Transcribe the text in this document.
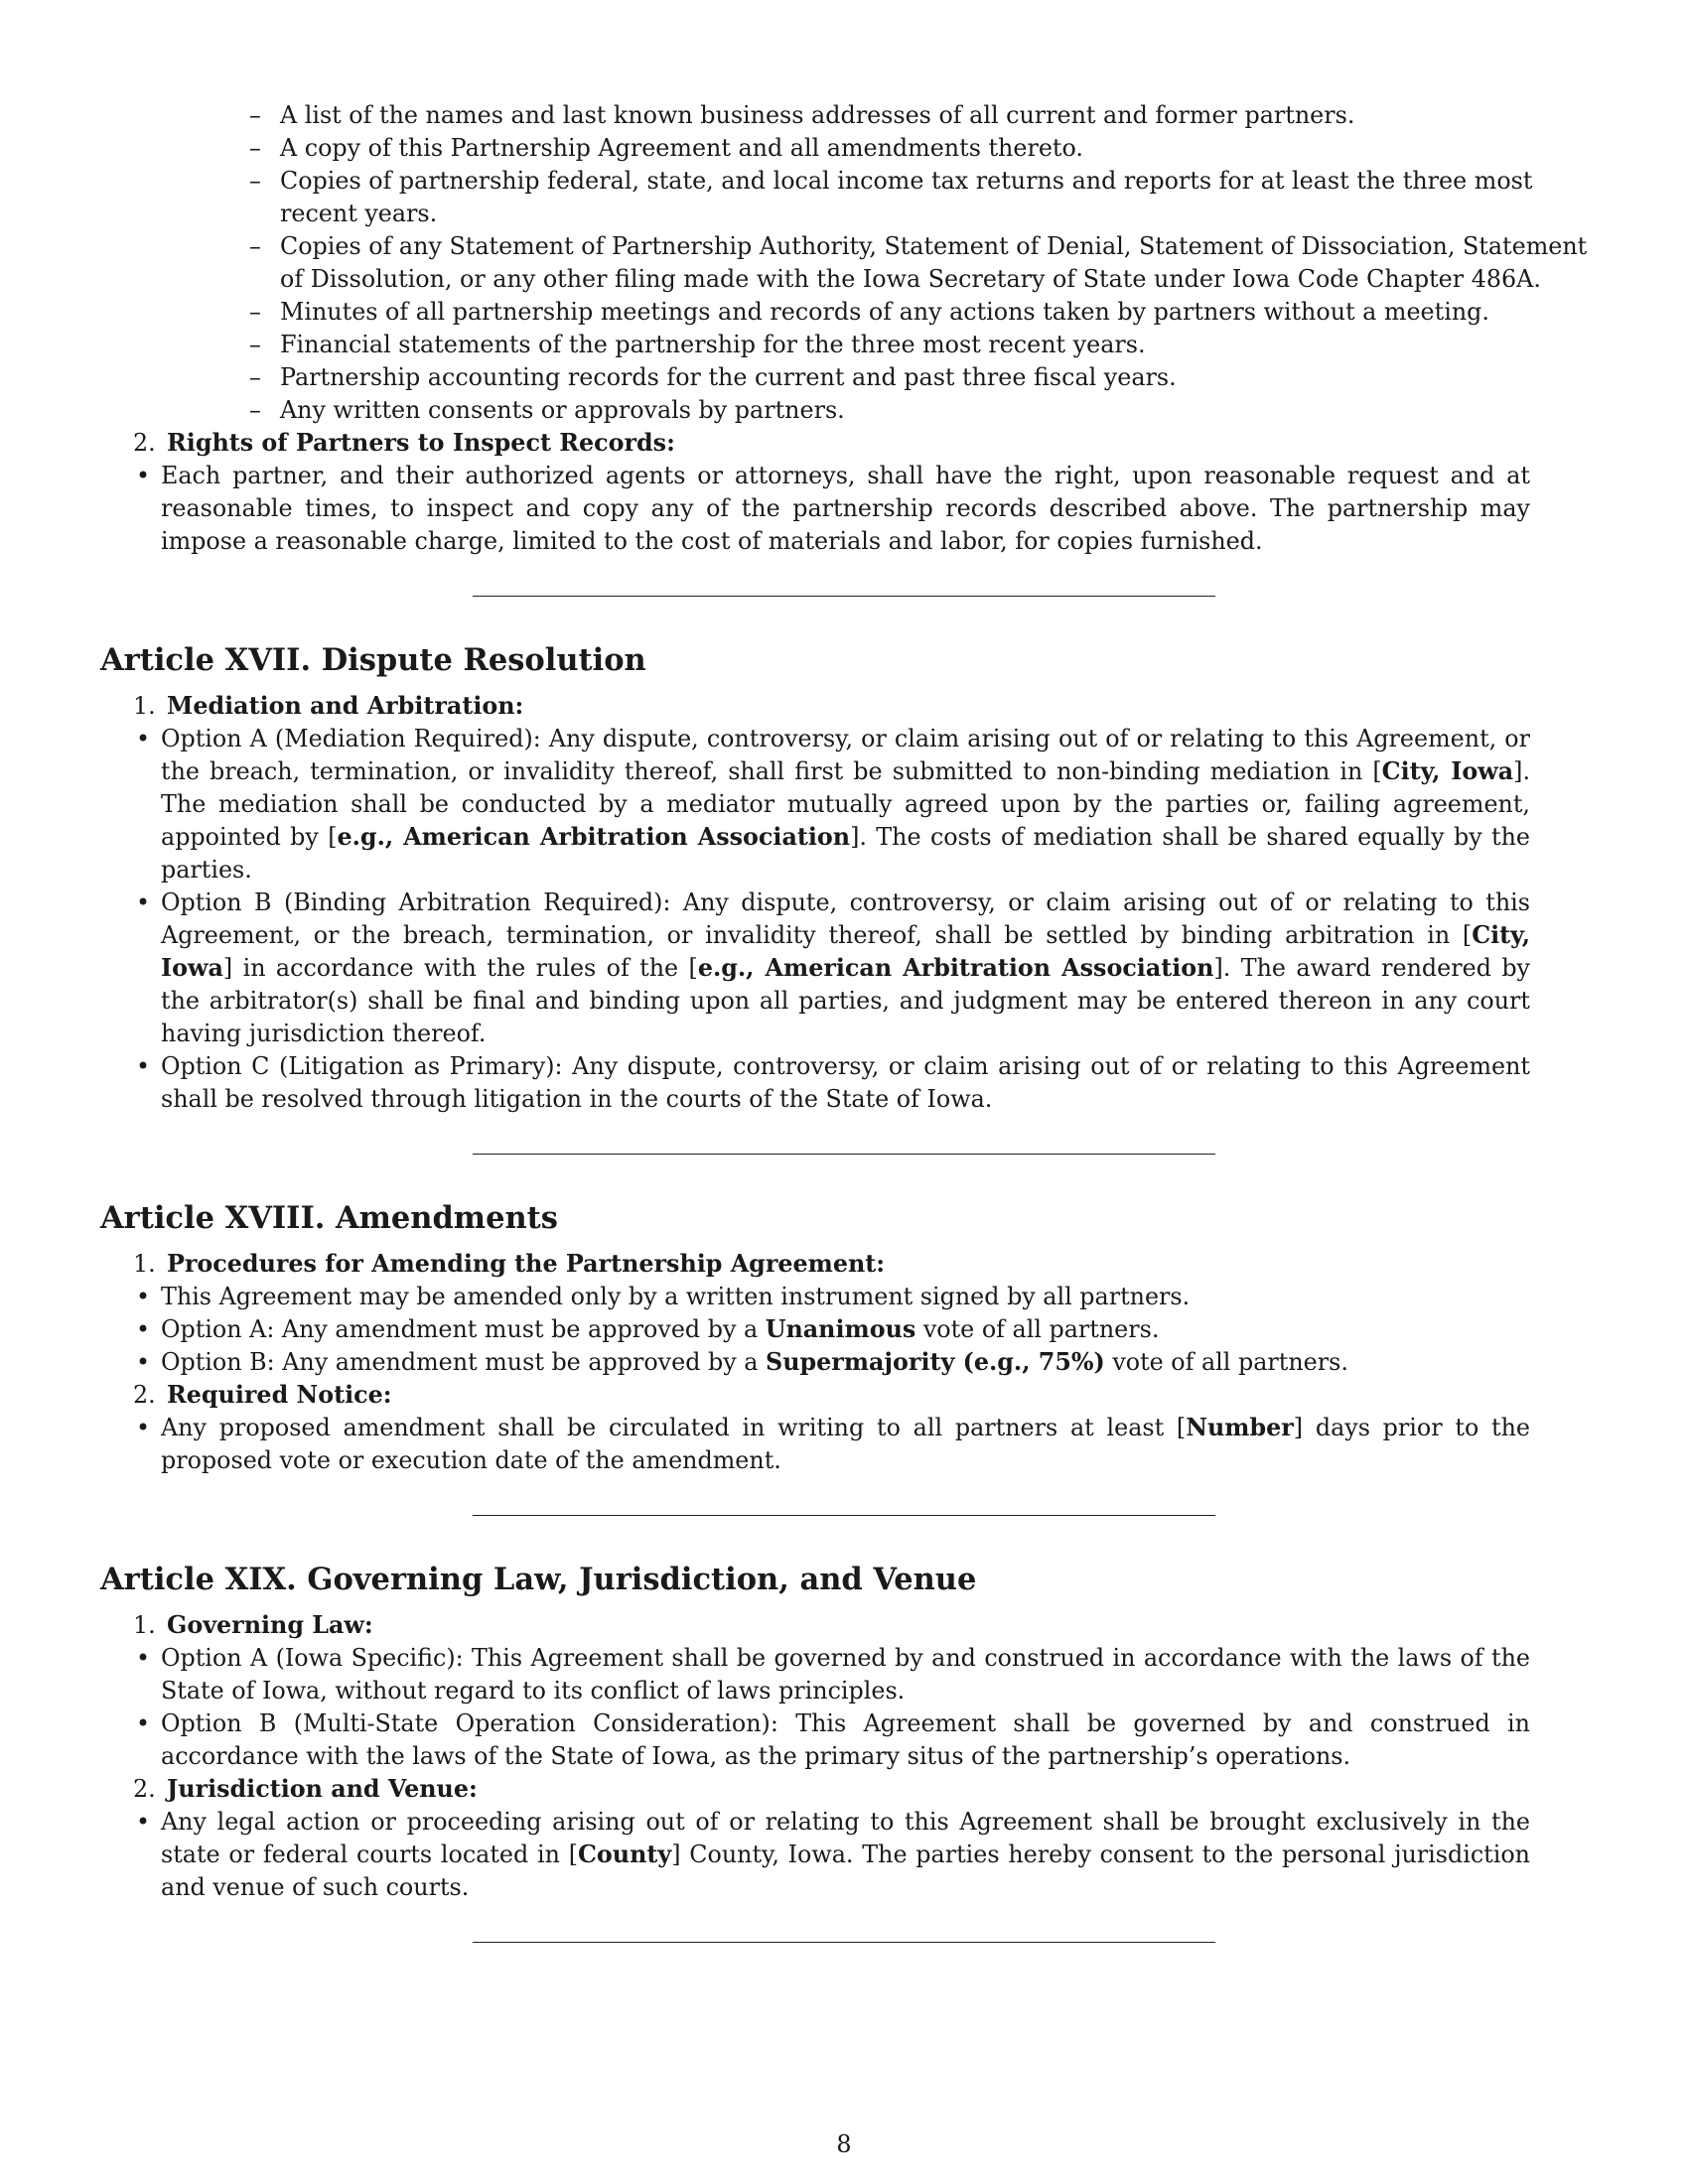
– A list of the names and last known business addresses of all current and former partners.
– A copy of this Partnership Agreement and all amendments thereto.
– Copies of partnership federal, state, and local income tax returns and reports for at least the three most recent years.
– Copies of any Statement of Partnership Authority, Statement of Denial, Statement of Dissociation, Statement of Dissolution, or any other filing made with the Iowa Secretary of State under Iowa Code Chapter 486A.
– Minutes of all partnership meetings and records of any actions taken by partners without a meeting.
– Financial statements of the partnership for the three most recent years.
– Partnership accounting records for the current and past three fiscal years.
– Any written consents or approvals by partners.
2. Rights of Partners to Inspect Records:
• Each partner, and their authorized agents or attorneys, shall have the right, upon reasonable request and at reasonable times, to inspect and copy any of the partnership records described above. The partnership may impose a reasonable charge, limited to the cost of materials and labor, for copies furnished.
Article XVII. Dispute Resolution
1. Mediation and Arbitration:
• Option A (Mediation Required): Any dispute, controversy, or claim arising out of or relating to this Agreement, or the breach, termination, or invalidity thereof, shall first be submitted to non-binding mediation in [City, Iowa]. The mediation shall be conducted by a mediator mutually agreed upon by the parties or, failing agreement, appointed by [e.g., American Arbitration Association]. The costs of mediation shall be shared equally by the parties.
• Option B (Binding Arbitration Required): Any dispute, controversy, or claim arising out of or relating to this Agreement, or the breach, termination, or invalidity thereof, shall be settled by binding arbitration in [City, Iowa] in accordance with the rules of the [e.g., American Arbitration Association]. The award rendered by the arbitrator(s) shall be final and binding upon all parties, and judgment may be entered thereon in any court having jurisdiction thereof.
• Option C (Litigation as Primary): Any dispute, controversy, or claim arising out of or relating to this Agreement shall be resolved through litigation in the courts of the State of Iowa.
Article XVIII. Amendments
1. Procedures for Amending the Partnership Agreement:
• This Agreement may be amended only by a written instrument signed by all partners.
• Option A: Any amendment must be approved by a Unanimous vote of all partners.
• Option B: Any amendment must be approved by a Supermajority (e.g., 75%) vote of all partners.
2. Required Notice:
• Any proposed amendment shall be circulated in writing to all partners at least [Number] days prior to the proposed vote or execution date of the amendment.
Article XIX. Governing Law, Jurisdiction, and Venue
1. Governing Law:
• Option A (Iowa Specific): This Agreement shall be governed by and construed in accordance with the laws of the State of Iowa, without regard to its conflict of laws principles.
• Option B (Multi-State Operation Consideration): This Agreement shall be governed by and construed in accordance with the laws of the State of Iowa, as the primary situs of the partnership’s operations.
2. Jurisdiction and Venue:
• Any legal action or proceeding arising out of or relating to this Agreement shall be brought exclusively in the state or federal courts located in [County] County, Iowa. The parties hereby consent to the personal jurisdiction and venue of such courts.
8
